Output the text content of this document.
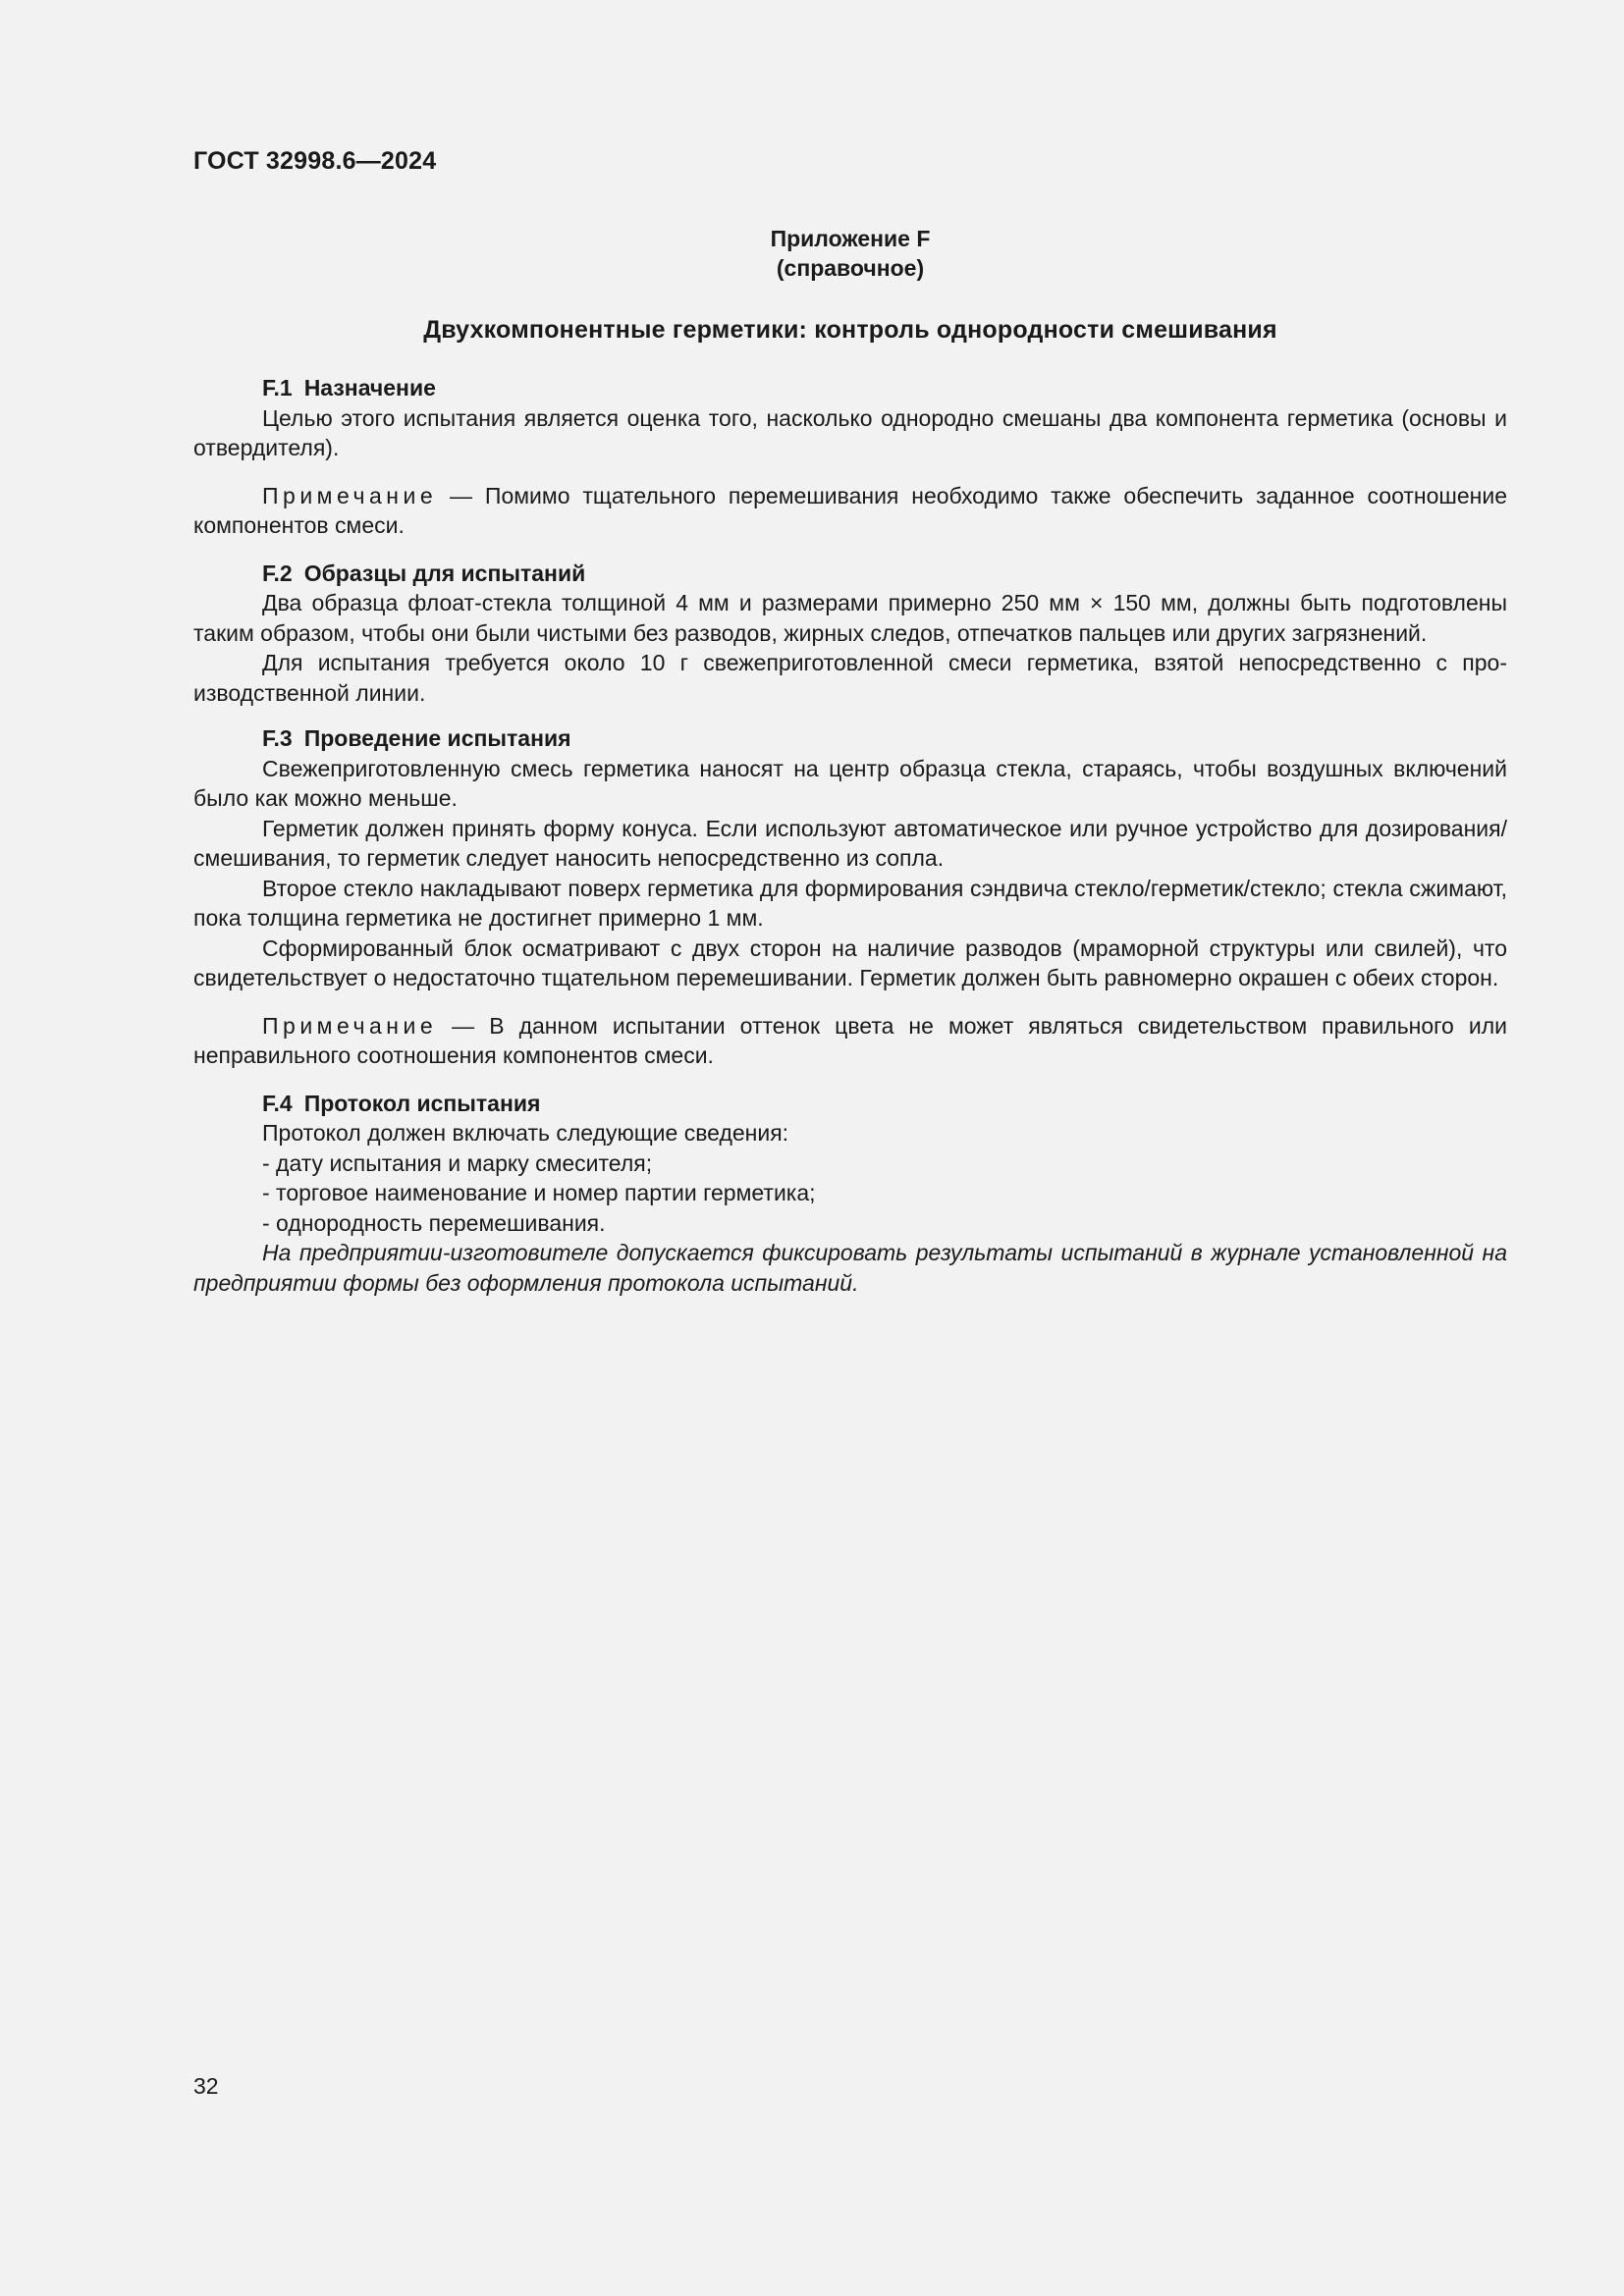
ГОСТ 32998.6—2024
Приложение F
(справочное)
Двухкомпонентные герметики: контроль однородности смешивания

F.1 Назначение

Целью этого испытания является оценка того, насколько однородно смешаны два компонента герметика (основы и отвердителя).

Примечание — Помимо тщательного перемешивания необходимо также обеспечить заданное соотношение компонентов смеси.

F.2 Образцы для испытаний

Два образца флоат-стекла толщиной 4 мм и размерами примерно 250 мм × 150 мм, должны быть подготовлены таким образом, чтобы они были чистыми без разводов, жирных следов, отпечатков пальцев или других загрязнений.

Для испытания требуется около 10 г свежеприготовленной смеси герметика, взятой непосредственно с производственной линии.

F.3 Проведение испытания

Свежеприготовленную смесь герметика наносят на центр образца стекла, стараясь, чтобы воздушных включений было как можно меньше.

Герметик должен принять форму конуса. Если используют автоматическое или ручное устройство для дозирования/смешивания, то герметик следует наносить непосредственно из сопла.

Второе стекло накладывают поверх герметика для формирования сэндвича стекло/герметик/стекло; стекла сжимают, пока толщина герметика не достигнет примерно 1 мм.

Сформированный блок осматривают с двух сторон на наличие разводов (мраморной структуры или свилей), что свидетельствует о недостаточно тщательном перемешивании. Герметик должен быть равномерно окрашен с обеих сторон.

Примечание — В данном испытании оттенок цвета не может являться свидетельством правильного или неправильного соотношения компонентов смеси.

F.4 Протокол испытания

Протокол должен включать следующие сведения:

- дату испытания и марку смесителя;

- торговое наименование и номер партии герметика;

- однородность перемешивания.

На предприятии-изготовителе допускается фиксировать результаты испытаний в журнале установленной на предприятии формы без оформления протокола испытаний.

32
